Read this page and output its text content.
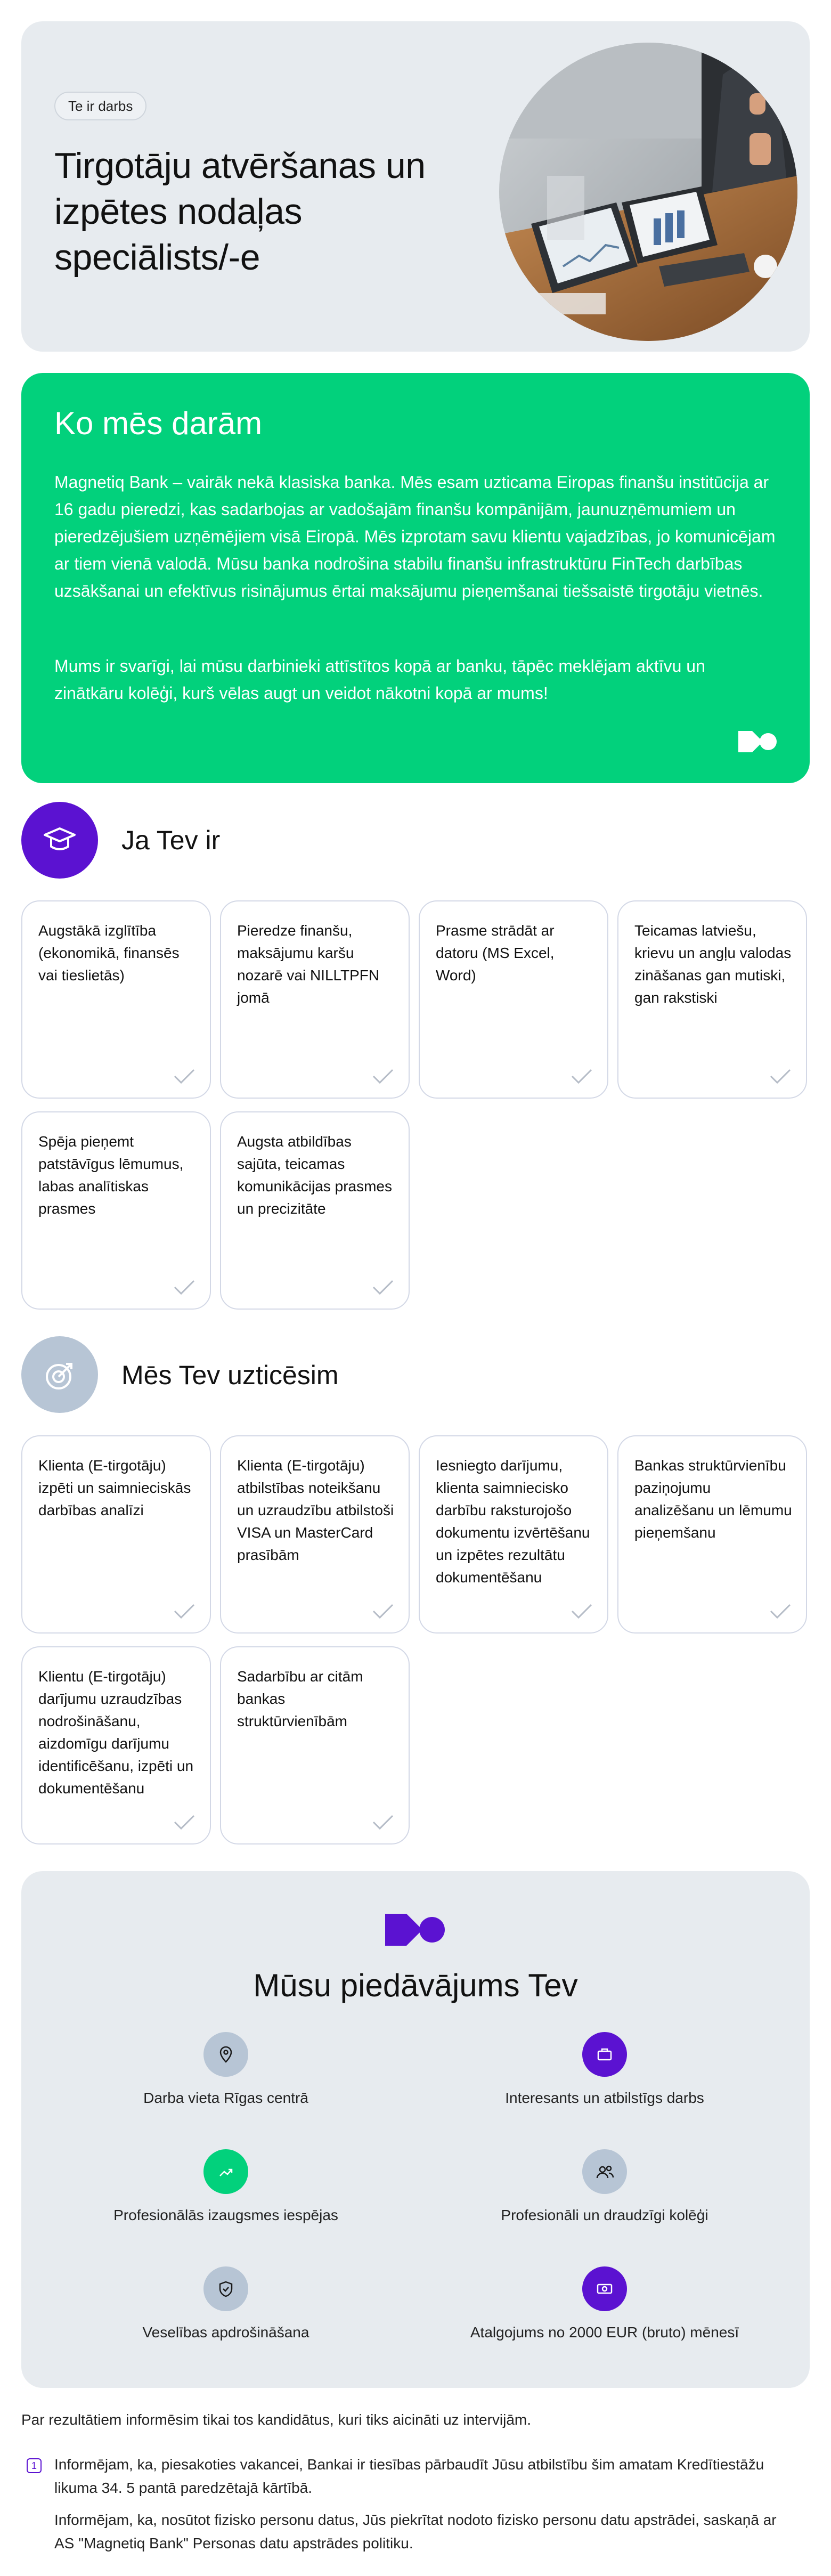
Te ir darbs
Tirgotāju atvēršanas un izpētes nodaļas speciālists/-e
Ko mēs darām

Magnetiq Bank – vairāk nekā klasiska banka. Mēs esam uzticama Eiropas finanšu institūcija ar 16 gadu pieredzi, kas sadarbojas ar vadošajām finanšu kompānijām, jaunuzņēmumiem un pieredzējušiem uzņēmējiem visā Eiropā. Mēs izprotam savu klientu vajadzības, jo komunicējam ar tiem vienā valodā. Mūsu banka nodrošina stabilu finanšu infrastruktūru FinTech darbības uzsākšanai un efektīvus risinājumus ērtai maksājumu pieņemšanai tiešsaistē tirgotāju vietnēs.

Mums ir svarīgi, lai mūsu darbinieki attīstītos kopā ar banku, tāpēc meklējam aktīvu un zinātkāru kolēģi, kurš vēlas augt un veidot nākotni kopā ar mums!

Ja Tev ir
Augstākā izglītība (ekonomikā, finansēs vai tieslietās)
Pieredze finanšu, maksājumu karšu nozarē vai NILLTPFN jomā
Prasme strādāt ar datoru (MS Excel, Word)
Teicamas latviešu, krievu un angļu valodas zināšanas gan mutiski, gan rakstiski
Spēja pieņemt patstāvīgus lēmumus, labas analītiskas prasmes
Augsta atbildības sajūta, teicamas komunikācijas prasmes un precizitāte
Mēs Tev uzticēsim
Klienta (E-tirgotāju) izpēti un saimnieciskās darbības analīzi
Klienta (E-tirgotāju) atbilstības noteikšanu un uzraudzību atbilstoši VISA un MasterCard prasībām
Iesniegto darījumu, klienta saimniecisko darbību raksturojošo dokumentu izvērtēšanu un izpētes rezultātu dokumentēšanu
Bankas struktūrvienību paziņojumu analizēšanu un lēmumu pieņemšanu
Klientu (E-tirgotāju) darījumu uzraudzības nodrošināšanu, aizdomīgu darījumu identificēšanu, izpēti un dokumentēšanu
Sadarbību ar citām bankas struktūrvienībām
Mūsu piedāvājums Tev
Darba vieta Rīgas centrā	Interesants un atbilstīgs darbs
Profesionālās izaugsmes iespējas	Profesionāli un draudzīgi kolēģi
Veselības apdrošināšana	Atalgojums no 2000 EUR (bruto) mēnesī
Par rezultātiem informēsim tikai tos kandidātus, kuri tiks aicināti uz intervijām.
1	Informējam, ka, piesakoties vakancei, Bankai ir tiesības pārbaudīt Jūsu atbilstību šim amatam Kredītiestāžu likuma 34. 5 pantā paredzētajā kārtībā.
Informējam, ka, nosūtot fizisko personu datus, Jūs piekrītat nodoto fizisko personu datu apstrādei, saskaņā ar AS "Magnetiq Bank" Personas datu apstrādes politiku.
